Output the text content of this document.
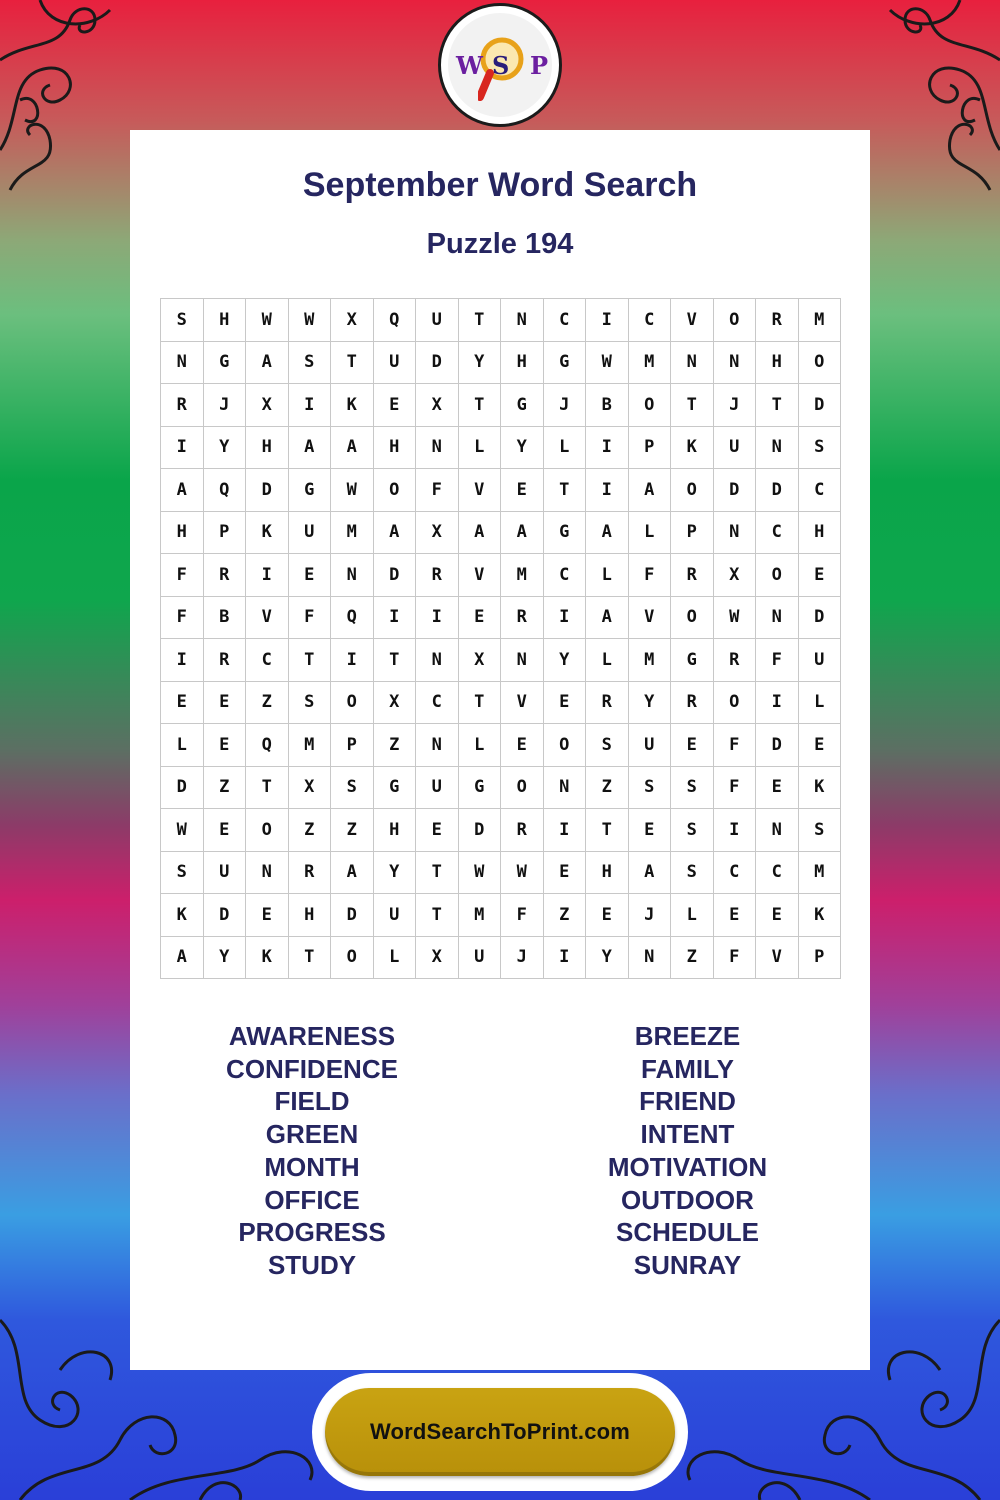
W S P
September Word Search
Puzzle 194
S	H	W	W	X	Q	U	T	N	C	I	C	V	O	R	M
N	G	A	S	T	U	D	Y	H	G	W	M	N	N	H	O
R	J	X	I	K	E	X	T	G	J	B	O	T	J	T	D
I	Y	H	A	A	H	N	L	Y	L	I	P	K	U	N	S
A	Q	D	G	W	O	F	V	E	T	I	A	O	D	D	C
H	P	K	U	M	A	X	A	A	G	A	L	P	N	C	H
F	R	I	E	N	D	R	V	M	C	L	F	R	X	O	E
F	B	V	F	Q	I	I	E	R	I	A	V	O	W	N	D
I	R	C	T	I	T	N	X	N	Y	L	M	G	R	F	U
E	E	Z	S	O	X	C	T	V	E	R	Y	R	O	I	L
L	E	Q	M	P	Z	N	L	E	O	S	U	E	F	D	E
D	Z	T	X	S	G	U	G	O	N	Z	S	S	F	E	K
W	E	O	Z	Z	H	E	D	R	I	T	E	S	I	N	S
S	U	N	R	A	Y	T	W	W	E	H	A	S	C	C	M
K	D	E	H	D	U	T	M	F	Z	E	J	L	E	E	K
A	Y	K	T	O	L	X	U	J	I	Y	N	Z	F	V	P
AWARENESS
CONFIDENCE
FIELD
GREEN
MONTH
OFFICE
PROGRESS
STUDY
BREEZE
FAMILY
FRIEND
INTENT
MOTIVATION
OUTDOOR
SCHEDULE
SUNRAY
WordSearchToPrint.com
